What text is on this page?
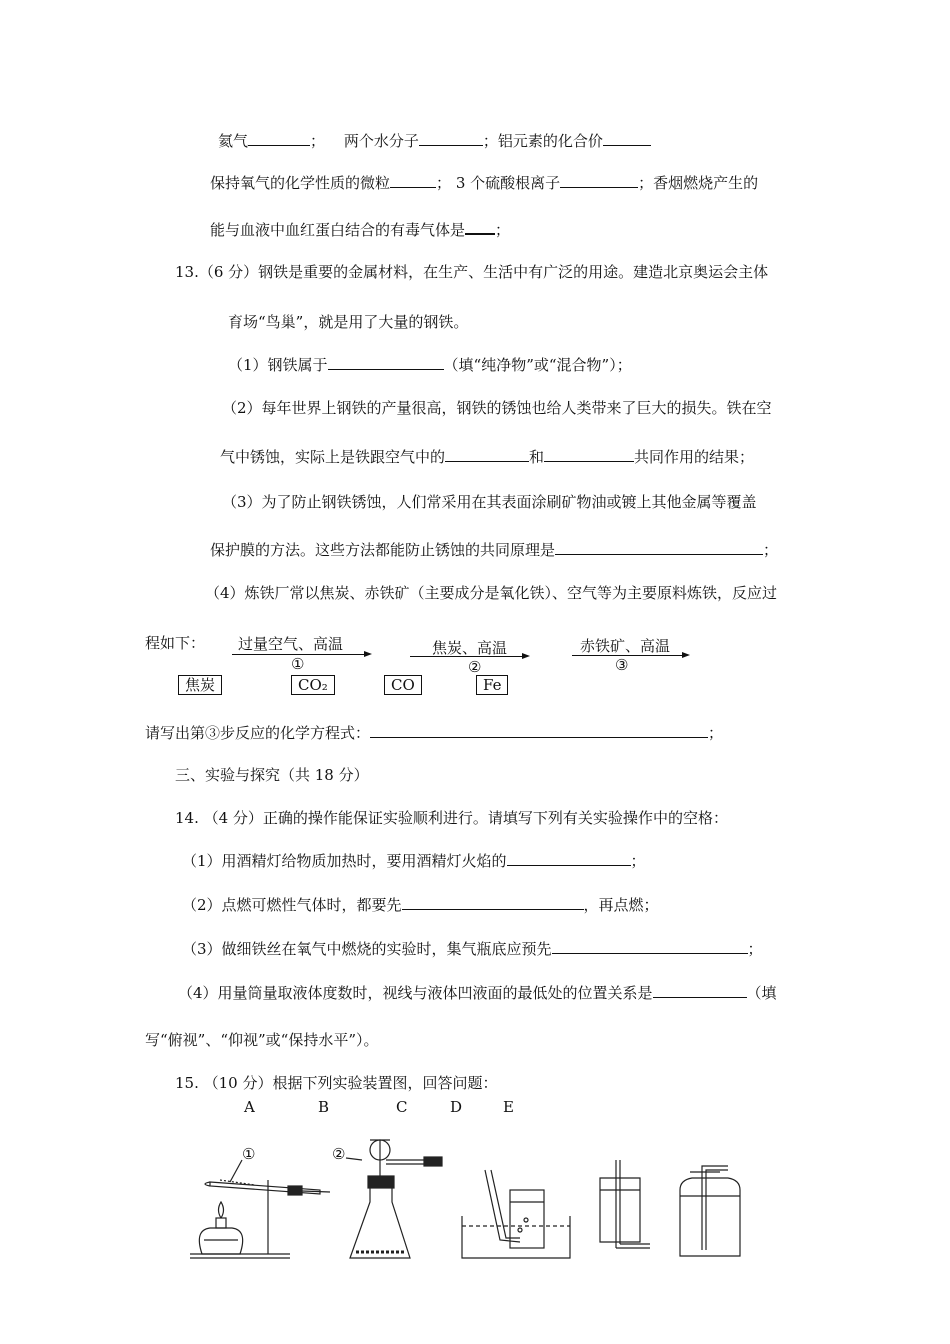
氦气	； 两个水分子	；铝元素的化合价
保持氧气的化学性质的微粒	； 3 个硫酸根离子	；香烟燃烧产生的
能与血液中血红蛋白结合的有毒气体是 ；
13.（6 分）钢铁是重要的金属材料，在生产、生活中有广泛的用途。建造北京奥运会主体
育场“鸟巢”，就是用了大量的钢铁。
（1）钢铁属于	（填“纯净物”或“混合物”）；
（2）每年世界上钢铁的产量很高，钢铁的锈蚀也给人类带来了巨大的损失。铁在空
气中锈蚀，实际上是铁跟空气中的	和	共同作用的结果；
（3）为了防止钢铁锈蚀，人们常采用在其表面涂刷矿物油或镀上其他金属等覆盖
保护膜的方法。这些方法都能防止锈蚀的共同原理是	；
（4）炼铁厂常以焦炭、赤铁矿（主要成分是氧化铁）、空气等为主要原料炼铁，反应过
程如下： 过量空气、高温
①
焦炭、高温
②
赤铁矿、高温
③
焦炭	CO₂	CO	Fe
请写出第③步反应的化学方程式：	；
三、实验与探究（共 18 分）
14. （4 分）正确的操作能保证实验顺利进行。请填写下列有关实验操作中的空格：
（1）用酒精灯给物质加热时，要用酒精灯火焰的	；
（2）点燃可燃性气体时，都要先	，再点燃；
（3）做细铁丝在氧气中燃烧的实验时，集气瓶底应预先	；
（4）用量筒量取液体度数时，视线与液体凹液面的最低处的位置关系是	（填
写“俯视”、“仰视”或“保持水平”）。
15. （10 分）根据下列实验装置图，回答问题：
A	B	C	D	E
①	②
